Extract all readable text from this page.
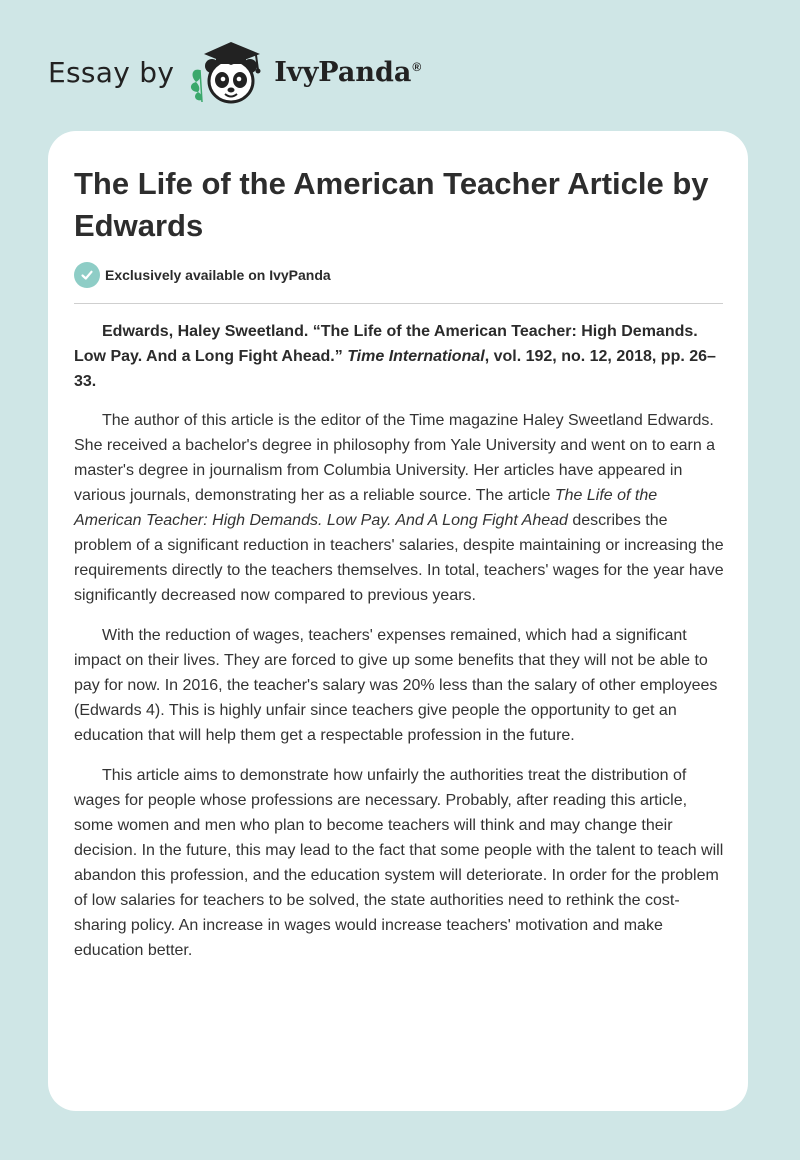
Essay by	IvyPanda®
The Life of the American Teacher Article by Edwards
Exclusively available on IvyPanda

Edwards, Haley Sweetland. “The Life of the American Teacher: High Demands. Low Pay. And a Long Fight Ahead.” Time International, vol. 192, no. 12, 2018, pp. 26–33.

The author of this article is the editor of the Time magazine Haley Sweetland Edwards. She received a bachelor's degree in philosophy from Yale University and went on to earn a master's degree in journalism from Columbia University. Her articles have appeared in various journals, demonstrating her as a reliable source. The article The Life of the American Teacher: High Demands. Low Pay. And A Long Fight Ahead describes the problem of a significant reduction in teachers' salaries, despite maintaining or increasing the requirements directly to the teachers themselves. In total, teachers' wages for the year have significantly decreased now compared to previous years.

With the reduction of wages, teachers' expenses remained, which had a significant impact on their lives. They are forced to give up some benefits that they will not be able to pay for now. In 2016, the teacher's salary was 20% less than the salary of other employees (Edwards 4). This is highly unfair since teachers give people the opportunity to get an education that will help them get a respectable profession in the future.

This article aims to demonstrate how unfairly the authorities treat the distribution of wages for people whose professions are necessary. Probably, after reading this article, some women and men who plan to become teachers will think and may change their decision. In the future, this may lead to the fact that some people with the talent to teach will abandon this profession, and the education system will deteriorate. In order for the problem of low salaries for teachers to be solved, the state authorities need to rethink the cost-sharing policy. An increase in wages would increase teachers' motivation and make education better.
